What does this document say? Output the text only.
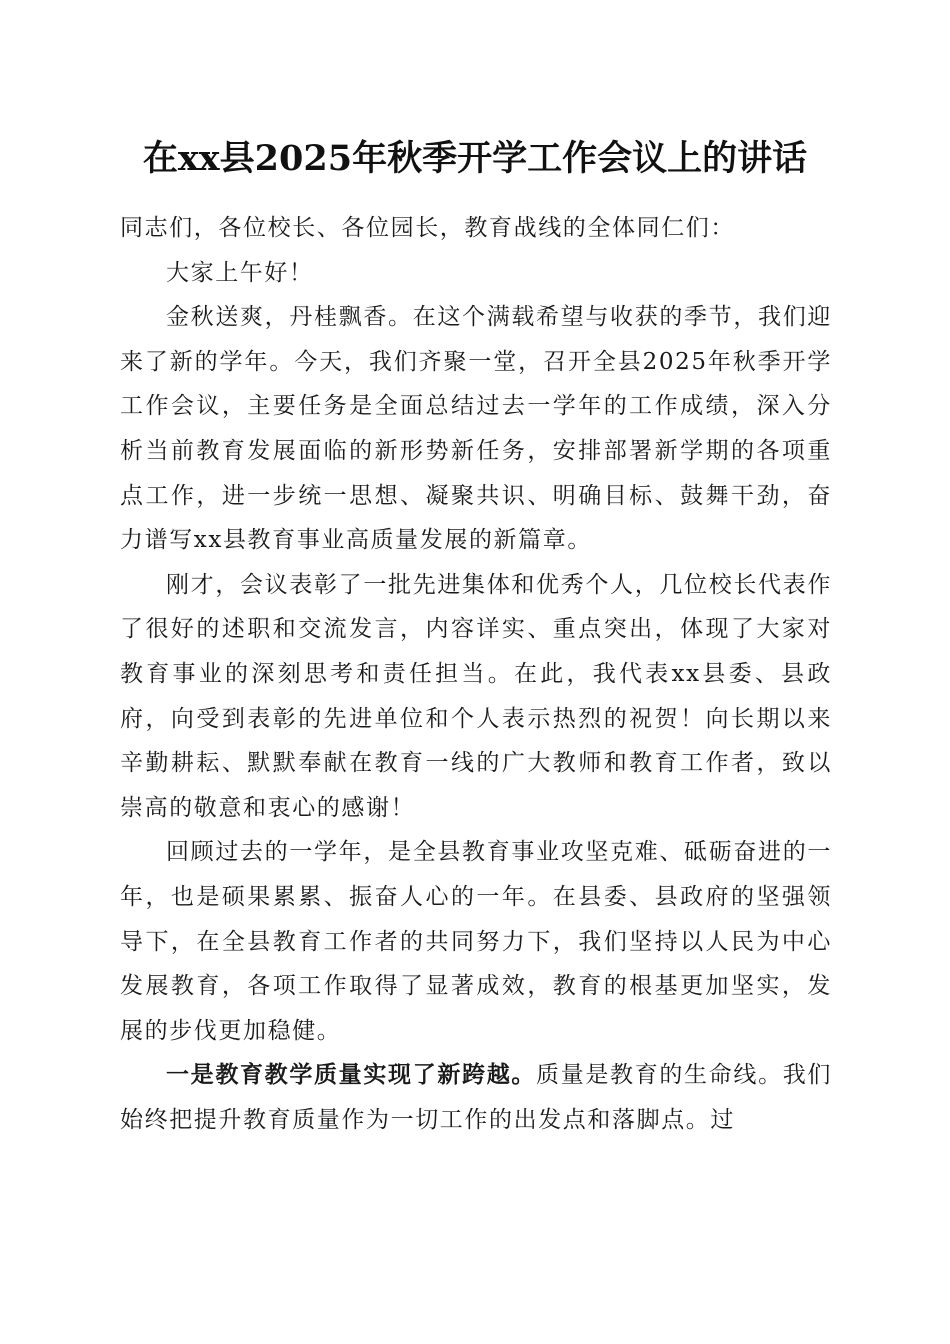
在xx县2025年秋季开学工作会议上的讲话

同志们，各位校长、各位园长，教育战线的全体同仁们：

大家上午好！

金秋送爽，丹桂飘香。在这个满载希望与收获的季节，我们迎来了新的学年。今天，我们齐聚一堂，召开全县2025年秋季开学工作会议，主要任务是全面总结过去一学年的工作成绩，深入分析当前教育发展面临的新形势新任务，安排部署新学期的各项重点工作，进一步统一思想、凝聚共识、明确目标、鼓舞干劲，奋力谱写xx县教育事业高质量发展的新篇章。

刚才，会议表彰了一批先进集体和优秀个人，几位校长代表作了很好的述职和交流发言，内容详实、重点突出，体现了大家对教育事业的深刻思考和责任担当。在此，我代表xx县委、县政府，向受到表彰的先进单位和个人表示热烈的祝贺！向长期以来辛勤耕耘、默默奉献在教育一线的广大教师和教育工作者，致以崇高的敬意和衷心的感谢！

回顾过去的一学年，是全县教育事业攻坚克难、砥砺奋进的一年，也是硕果累累、振奋人心的一年。在县委、县政府的坚强领导下，在全县教育工作者的共同努力下，我们坚持以人民为中心发展教育，各项工作取得了显著成效，教育的根基更加坚实，发展的步伐更加稳健。

一是教育教学质量实现了新跨越。质量是教育的生命线。我们始终把提升教育质量作为一切工作的出发点和落脚点。过
